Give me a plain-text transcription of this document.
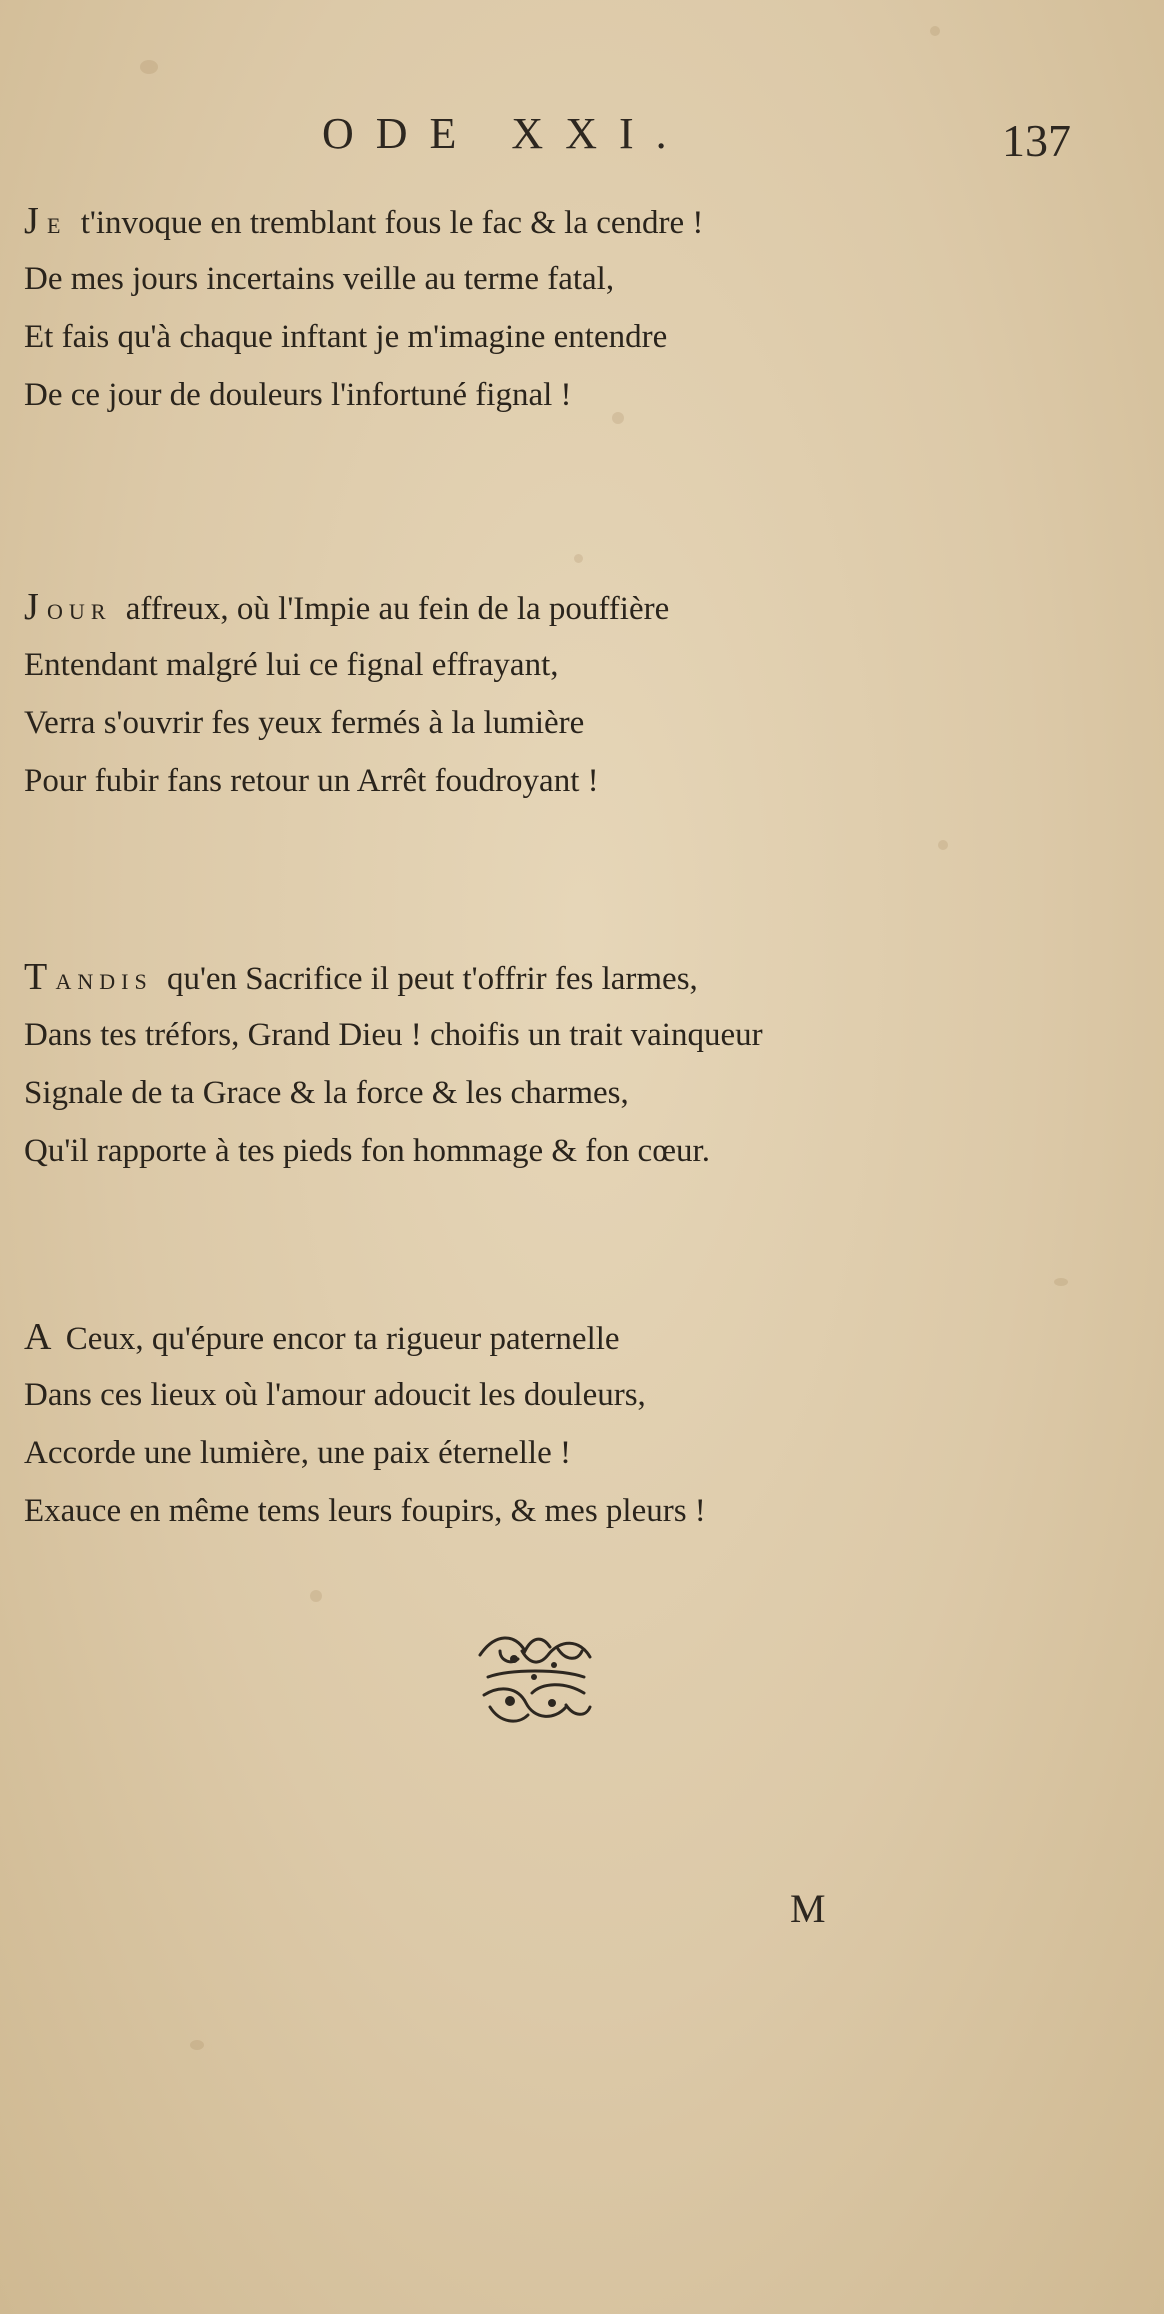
ODE XXI.	137
J E t'invoque en tremblant fous le fac & la cendre !
De mes jours incertains veille au terme fatal,
Et fais qu'à chaque inftant je m'imagine entendre
De ce jour de douleurs l'infortuné fignal !
J OUR affreux, où l'Impie au fein de la pouffière
Entendant malgré lui ce fignal effrayant,
Verra s'ouvrir fes yeux fermés à la lumière
Pour fubir fans retour un Arrêt foudroyant !
T ANDIS qu'en Sacrifice il peut t'offrir fes larmes,
Dans tes tréfors, Grand Dieu ! choifis un trait vainqueur
Signale de ta Grace & la force & les charmes,
Qu'il rapporte à tes pieds fon hommage & fon cœur.
A Ceux, qu'épure encor ta rigueur paternelle
Dans ces lieux où l'amour adoucit les douleurs,
Accorde une lumière, une paix éternelle !
Exauce en même tems leurs foupirs, & mes pleurs !
M
